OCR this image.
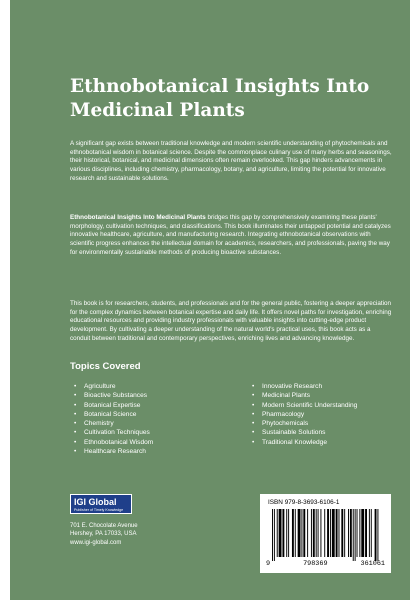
Ethnobotanical Insights Into
Medicinal Plants

A significant gap exists between traditional knowledge and modern scientific understanding of phytochemicals and ethnobotanical wisdom in botanical science. Despite the commonplace culinary use of many herbs and seasonings, their historical, botanical, and medicinal dimensions often remain overlooked. This gap hinders advancements in various disciplines, including chemistry, pharmacology, botany, and agriculture, limiting the potential for innovative research and sustainable solutions.

Ethnobotanical Insights Into Medicinal Plants bridges this gap by comprehensively examining these plants' morphology, cultivation techniques, and classifications. This book illuminates their untapped potential and catalyzes innovative healthcare, agriculture, and manufacturing research. Integrating ethnobotanical observations with scientific progress enhances the intellectual domain for academics, researchers, and professionals, paving the way for environmentally sustainable methods of producing bioactive substances.

This book is for researchers, students, and professionals and for the general public, fostering a deeper appreciation for the complex dynamics between botanical expertise and daily life. It offers novel paths for investigation, enriching educational resources and providing industry professionals with valuable insights into cutting-edge product development. By cultivating a deeper understanding of the natural world's practical uses, this book acts as a conduit between traditional and contemporary perspectives, enriching lives and advancing knowledge.

Topics Covered
• Agriculture
• Bioactive Substances
• Botanical Expertise
• Botanical Science
• Chemistry
• Cultivation Techniques
• Ethnobotanical Wisdom
• Healthcare Research
• Innovative Research
• Medicinal Plants
• Modern Scientific Understanding
• Pharmacology
• Phytochemicals
• Sustainable Solutions
• Traditional Knowledge
IGI Global
Publisher of Timely Knowledge

701 E. Chocolate Avenue
Hershey, PA 17033, USA
www.igi-global.com

ISBN 979-8-3693-6106-1

9	798369	361061
